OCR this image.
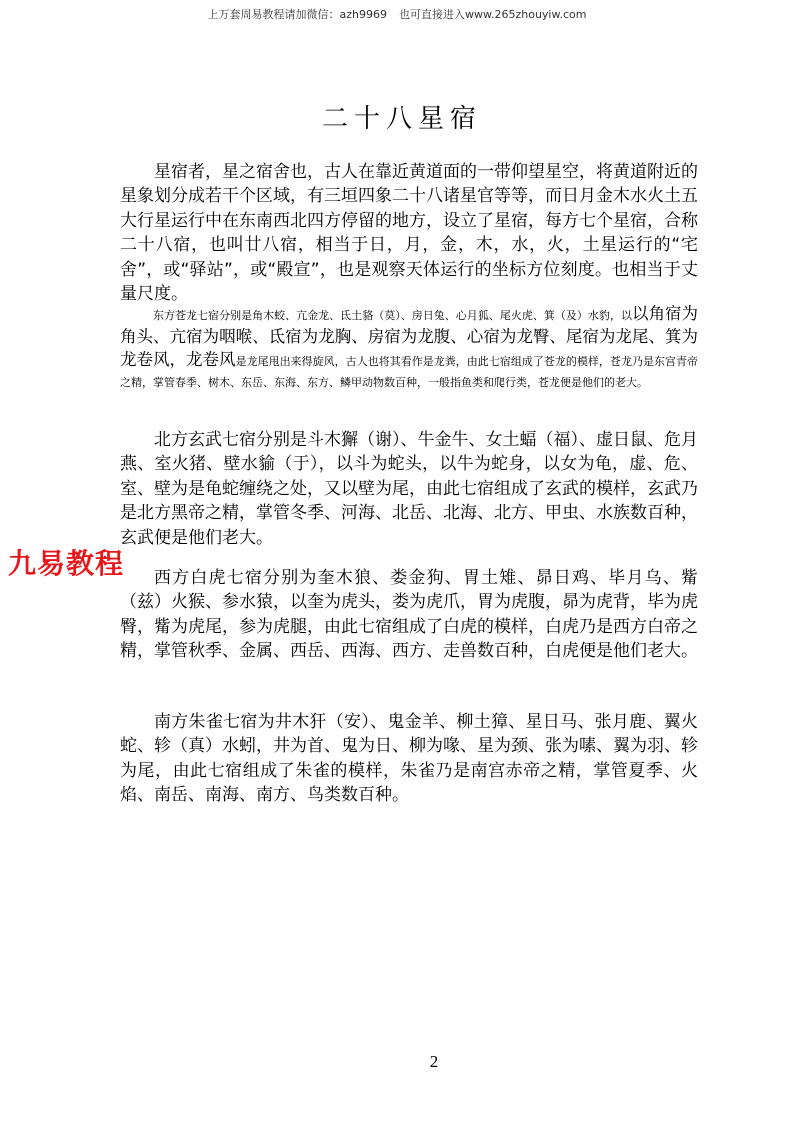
上万套周易教程请加微信：azh9969 也可直接进入www.265zhouyiw.com
二十八星宿

星宿者，星之宿舍也，古人在靠近黄道面的一带仰望星空，将黄道附近的星象划分成若干个区域，有三垣四象二十八诸星官等等，而日月金木水火土五大行星运行中在东南西北四方停留的地方，设立了星宿，每方七个星宿，合称二十八宿，也叫廿八宿，相当于日，月，金，木，水，火，土星运行的“宅舍”，或“驿站”，或“殿宣”，也是观察天体运行的坐标方位刻度。也相当于丈量尺度。

东方苍龙七宿分别是角木蛟、亢金龙、氐土貉（莫）、房日兔、心月狐、尾火虎、箕（及）水豹，以以角宿为角头、亢宿为咽喉、氐宿为龙胸、房宿为龙腹、心宿为龙臀、尾宿为龙尾、箕为龙卷风，龙卷风是龙尾甩出来得旋风，古人也将其看作是龙粪，由此七宿组成了苍龙的模样，苍龙乃是东宫青帝之精，掌管春季、树木、东岳、东海、东方、鳞甲动物数百种，一般指鱼类和爬行类，苍龙便是他们的老大。

北方玄武七宿分别是斗木獬（谢）、牛金牛、女土蝠（福）、虚日鼠、危月燕、室火猪、壁水貐（于），以斗为蛇头，以牛为蛇身，以女为龟，虚、危、室、壁为是龟蛇缠绕之处，又以壁为尾，由此七宿组成了玄武的模样，玄武乃是北方黑帝之精，掌管冬季、河海、北岳、北海、北方、甲虫、水族数百种，玄武便是他们老大。

西方白虎七宿分别为奎木狼、娄金狗、胃土雉、昴日鸡、毕月乌、觜（兹）火猴、参水猿，以奎为虎头，娄为虎爪，胃为虎腹，昴为虎背，毕为虎臀，觜为虎尾，参为虎腿，由此七宿组成了白虎的模样，白虎乃是西方白帝之精，掌管秋季、金属、西岳、西海、西方、走兽数百种，白虎便是他们老大。

南方朱雀七宿为井木犴（安）、鬼金羊、柳土獐、星日马、张月鹿、翼火蛇、轸（真）水蚓，井为首、鬼为日、柳为喙、星为颈、张为嗉、翼为羽、轸为尾，由此七宿组成了朱雀的模样，朱雀乃是南宫赤帝之精，掌管夏季、火焰、南岳、南海、南方、鸟类数百种。

九易教程
2
